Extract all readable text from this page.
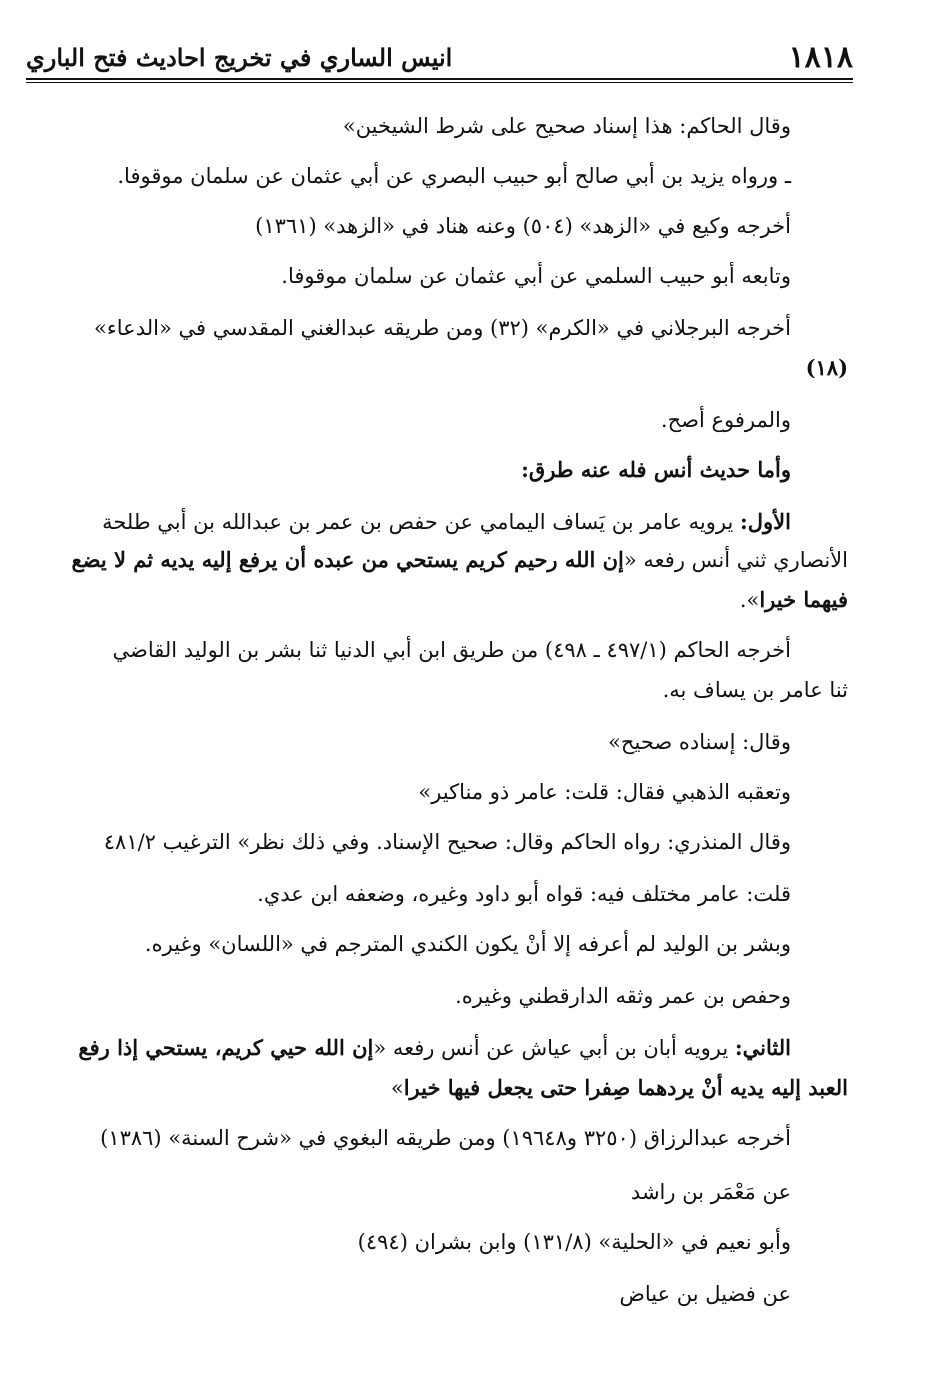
١٨١٨
انيس الساري في تخريج احاديث فتح الباري
وقال الحاكم: هذا إسناد صحيح على شرط الشيخين»
ـ ورواه يزيد بن أبي صالح أبو حبيب البصري عن أبي عثمان عن سلمان موقوفا.
أخرجه وكيع في «الزهد» (٥٠٤) وعنه هناد في «الزهد» (١٣٦١)
وتابعه أبو حبيب السلمي عن أبي عثمان عن سلمان موقوفا.
أخرجه البرجلاني في «الكرم» (٣٢) ومن طريقه عبدالغني المقدسي في «الدعاء»
(١٨)
والمرفوع أصح.
وأما حديث أنس فله عنه طرق:
الأول: يرويه عامر بن يَساف اليمامي عن حفص بن عمر بن عبدالله بن أبي طلحة
الأنصاري ثني أنس رفعه «إن الله رحيم كريم يستحي من عبده أن يرفع إليه يديه ثم لا يضع
فيهما خيرا».
أخرجه الحاكم (٤٩٧/١ ـ ٤٩٨) من طريق ابن أبي الدنيا ثنا بشر بن الوليد القاضي
ثنا عامر بن يساف به.
وقال: إسناده صحيح»
وتعقبه الذهبي فقال: قلت: عامر ذو مناكير»
وقال المنذري: رواه الحاكم وقال: صحيح الإسناد. وفي ذلك نظر» الترغيب ٤٨١/٢
قلت: عامر مختلف فيه: قواه أبو داود وغيره، وضعفه ابن عدي.
وبشر بن الوليد لم أعرفه إلا أنْ يكون الكندي المترجم في «اللسان» وغيره.
وحفص بن عمر وثقه الدارقطني وغيره.
الثاني: يرويه أبان بن أبي عياش عن أنس رفعه «إن الله حيي كريم، يستحي إذا رفع
العبد إليه يديه أنْ يردهما صِفرا حتى يجعل فيها خيرا»
أخرجه عبدالرزاق (٣٢٥٠ و١٩٦٤٨) ومن طريقه البغوي في «شرح السنة» (١٣٨٦)
عن مَعْمَر بن راشد
وأبو نعيم في «الحلية» (١٣١/٨) وابن بشران (٤٩٤)
عن فضيل بن عياض
